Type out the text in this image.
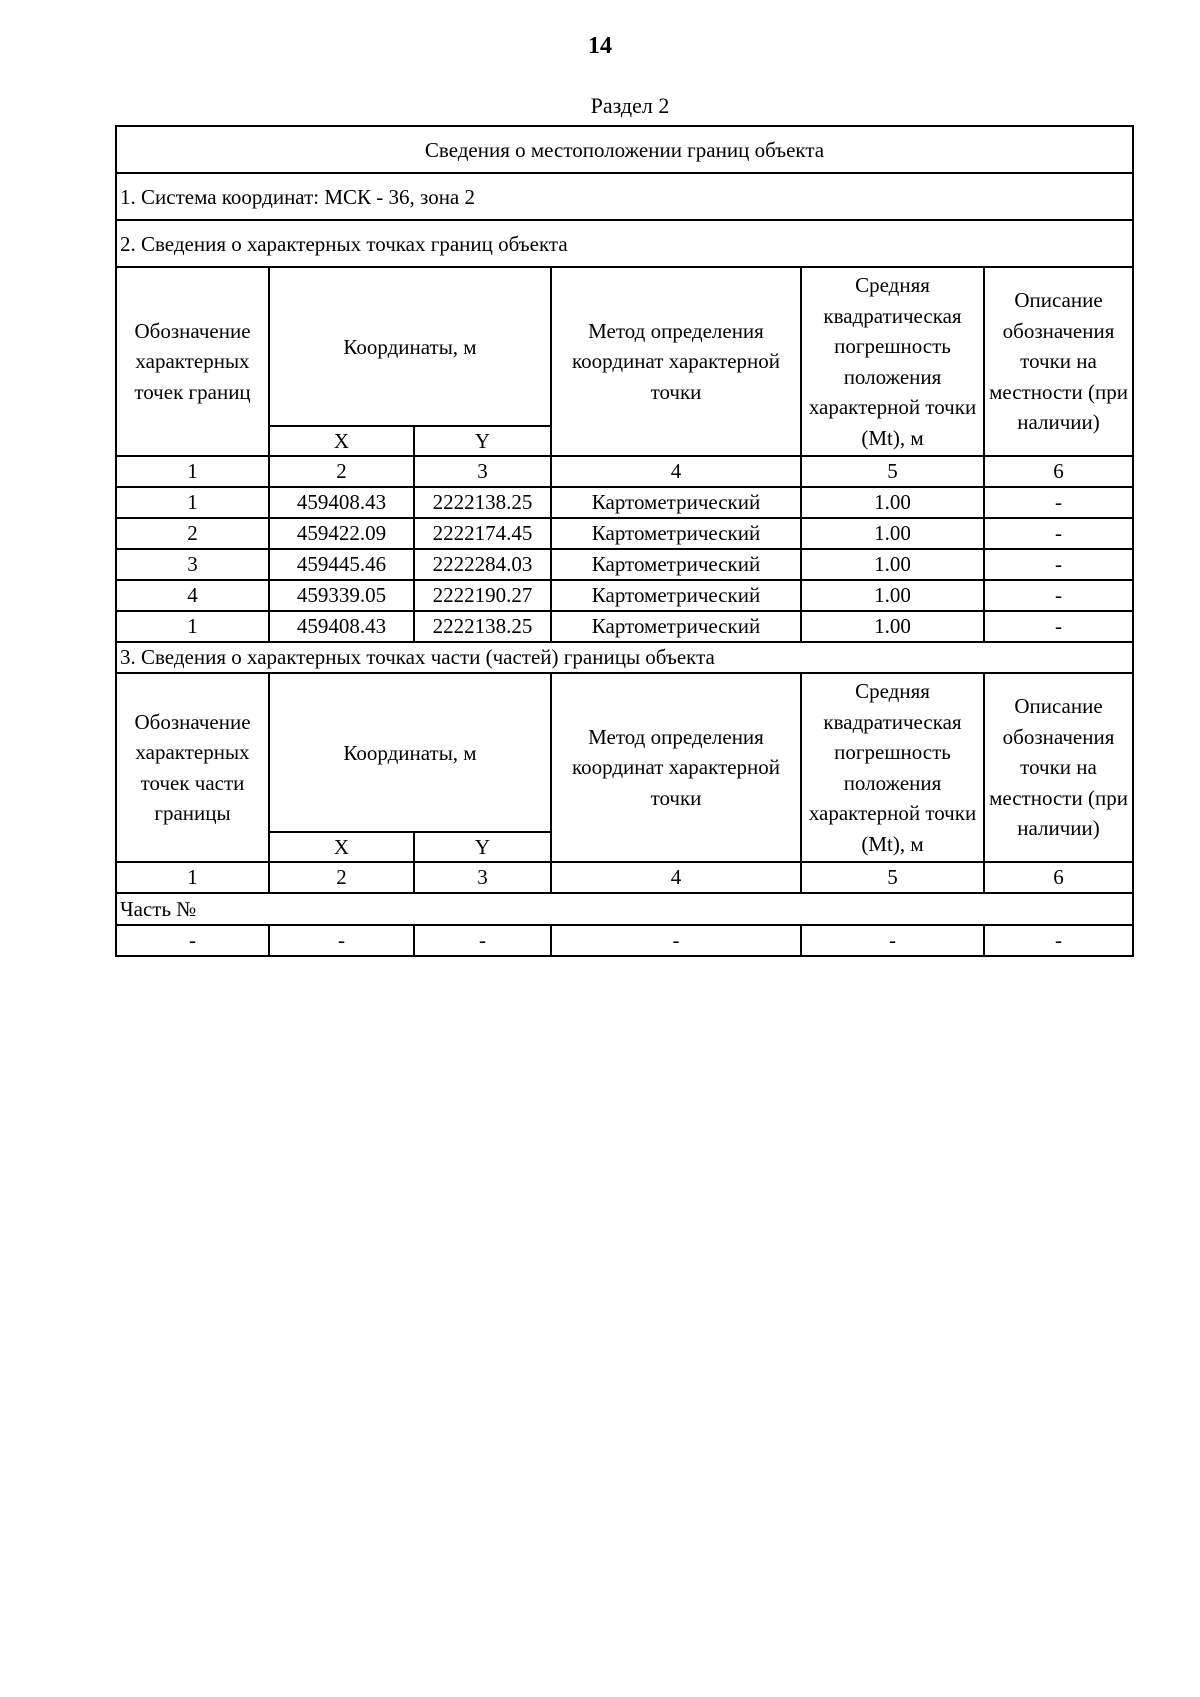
14
Раздел 2
Сведения о местоположении границ объекта					
1. Система координат: МСК - 36, зона 2					
2. Сведения о характерных точках границ объекта					
Обозначение характерных точек границ	Координаты, м		Метод определения координат характерной точки	Средняя квадратическая погрешность положения характерной точки (Mt), м	Описание обозначения точки на местности (при наличии)
	X	Y			
1	2	3	4	5	6
1	459408.43	2222138.25	Картометрический	1.00	-
2	459422.09	2222174.45	Картометрический	1.00	-
3	459445.46	2222284.03	Картометрический	1.00	-
4	459339.05	2222190.27	Картометрический	1.00	-
1	459408.43	2222138.25	Картометрический	1.00	-
3. Сведения о характерных точках части (частей) границы объекта					
Обозначение характерных точек части границы	Координаты, м		Метод определения координат характерной точки	Средняя квадратическая погрешность положения характерной точки (Mt), м	Описание обозначения точки на местности (при наличии)
	X	Y			
1	2	3	4	5	6
Часть №					
-	-	-	-	-	-
